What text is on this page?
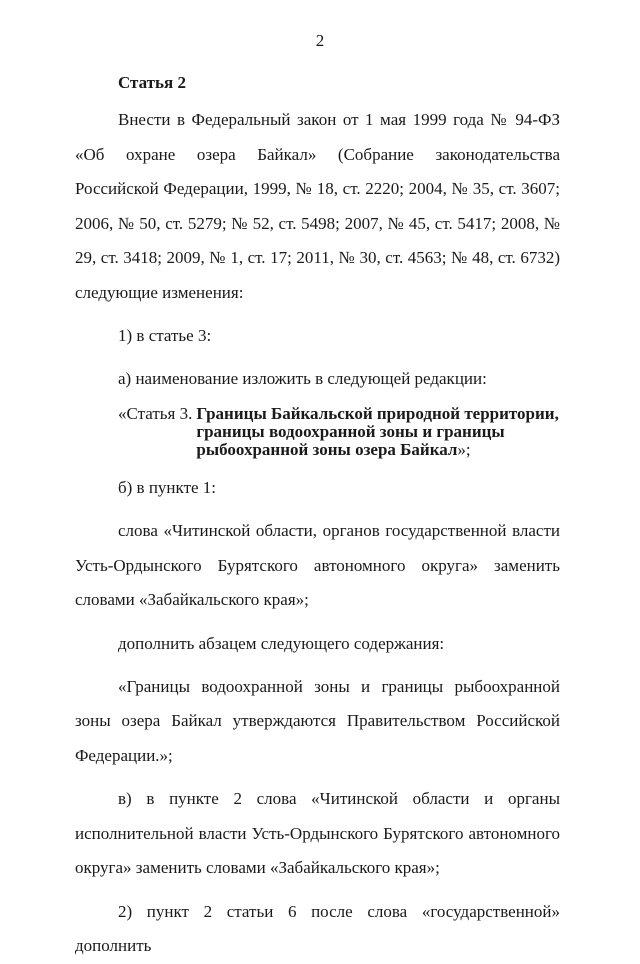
2

Статья 2

Внести в Федеральный закон от 1 мая 1999 года № 94-ФЗ «Об охране озера Байкал» (Собрание законодательства Российской Федерации, 1999, № 18, ст. 2220; 2004, № 35, ст. 3607; 2006, № 50, ст. 5279; № 52, ст. 5498; 2007, № 45, ст. 5417; 2008, № 29, ст. 3418; 2009, № 1, ст. 17; 2011, № 30, ст. 4563; № 48, ст. 6732) следующие изменения:

1) в статье 3:

а) наименование изложить в следующей редакции:

«Статья 3. Границы Байкальской природной территории,
границы водоохранной зоны и границы
рыбоохранной зоны озера Байкал»;

б) в пункте 1:

слова «Читинской области, органов государственной власти Усть-Ордынского Бурятского автономного округа» заменить словами «Забайкальского края»;

дополнить абзацем следующего содержания:

«Границы водоохранной зоны и границы рыбоохранной зоны озера Байкал утверждаются Правительством Российской Федерации.»;

в) в пункте 2 слова «Читинской области и органы исполнительной власти Усть-Ордынского Бурятского автономного округа» заменить словами «Забайкальского края»;

2) пункт 2 статьи 6 после слова «государственной» дополнить
